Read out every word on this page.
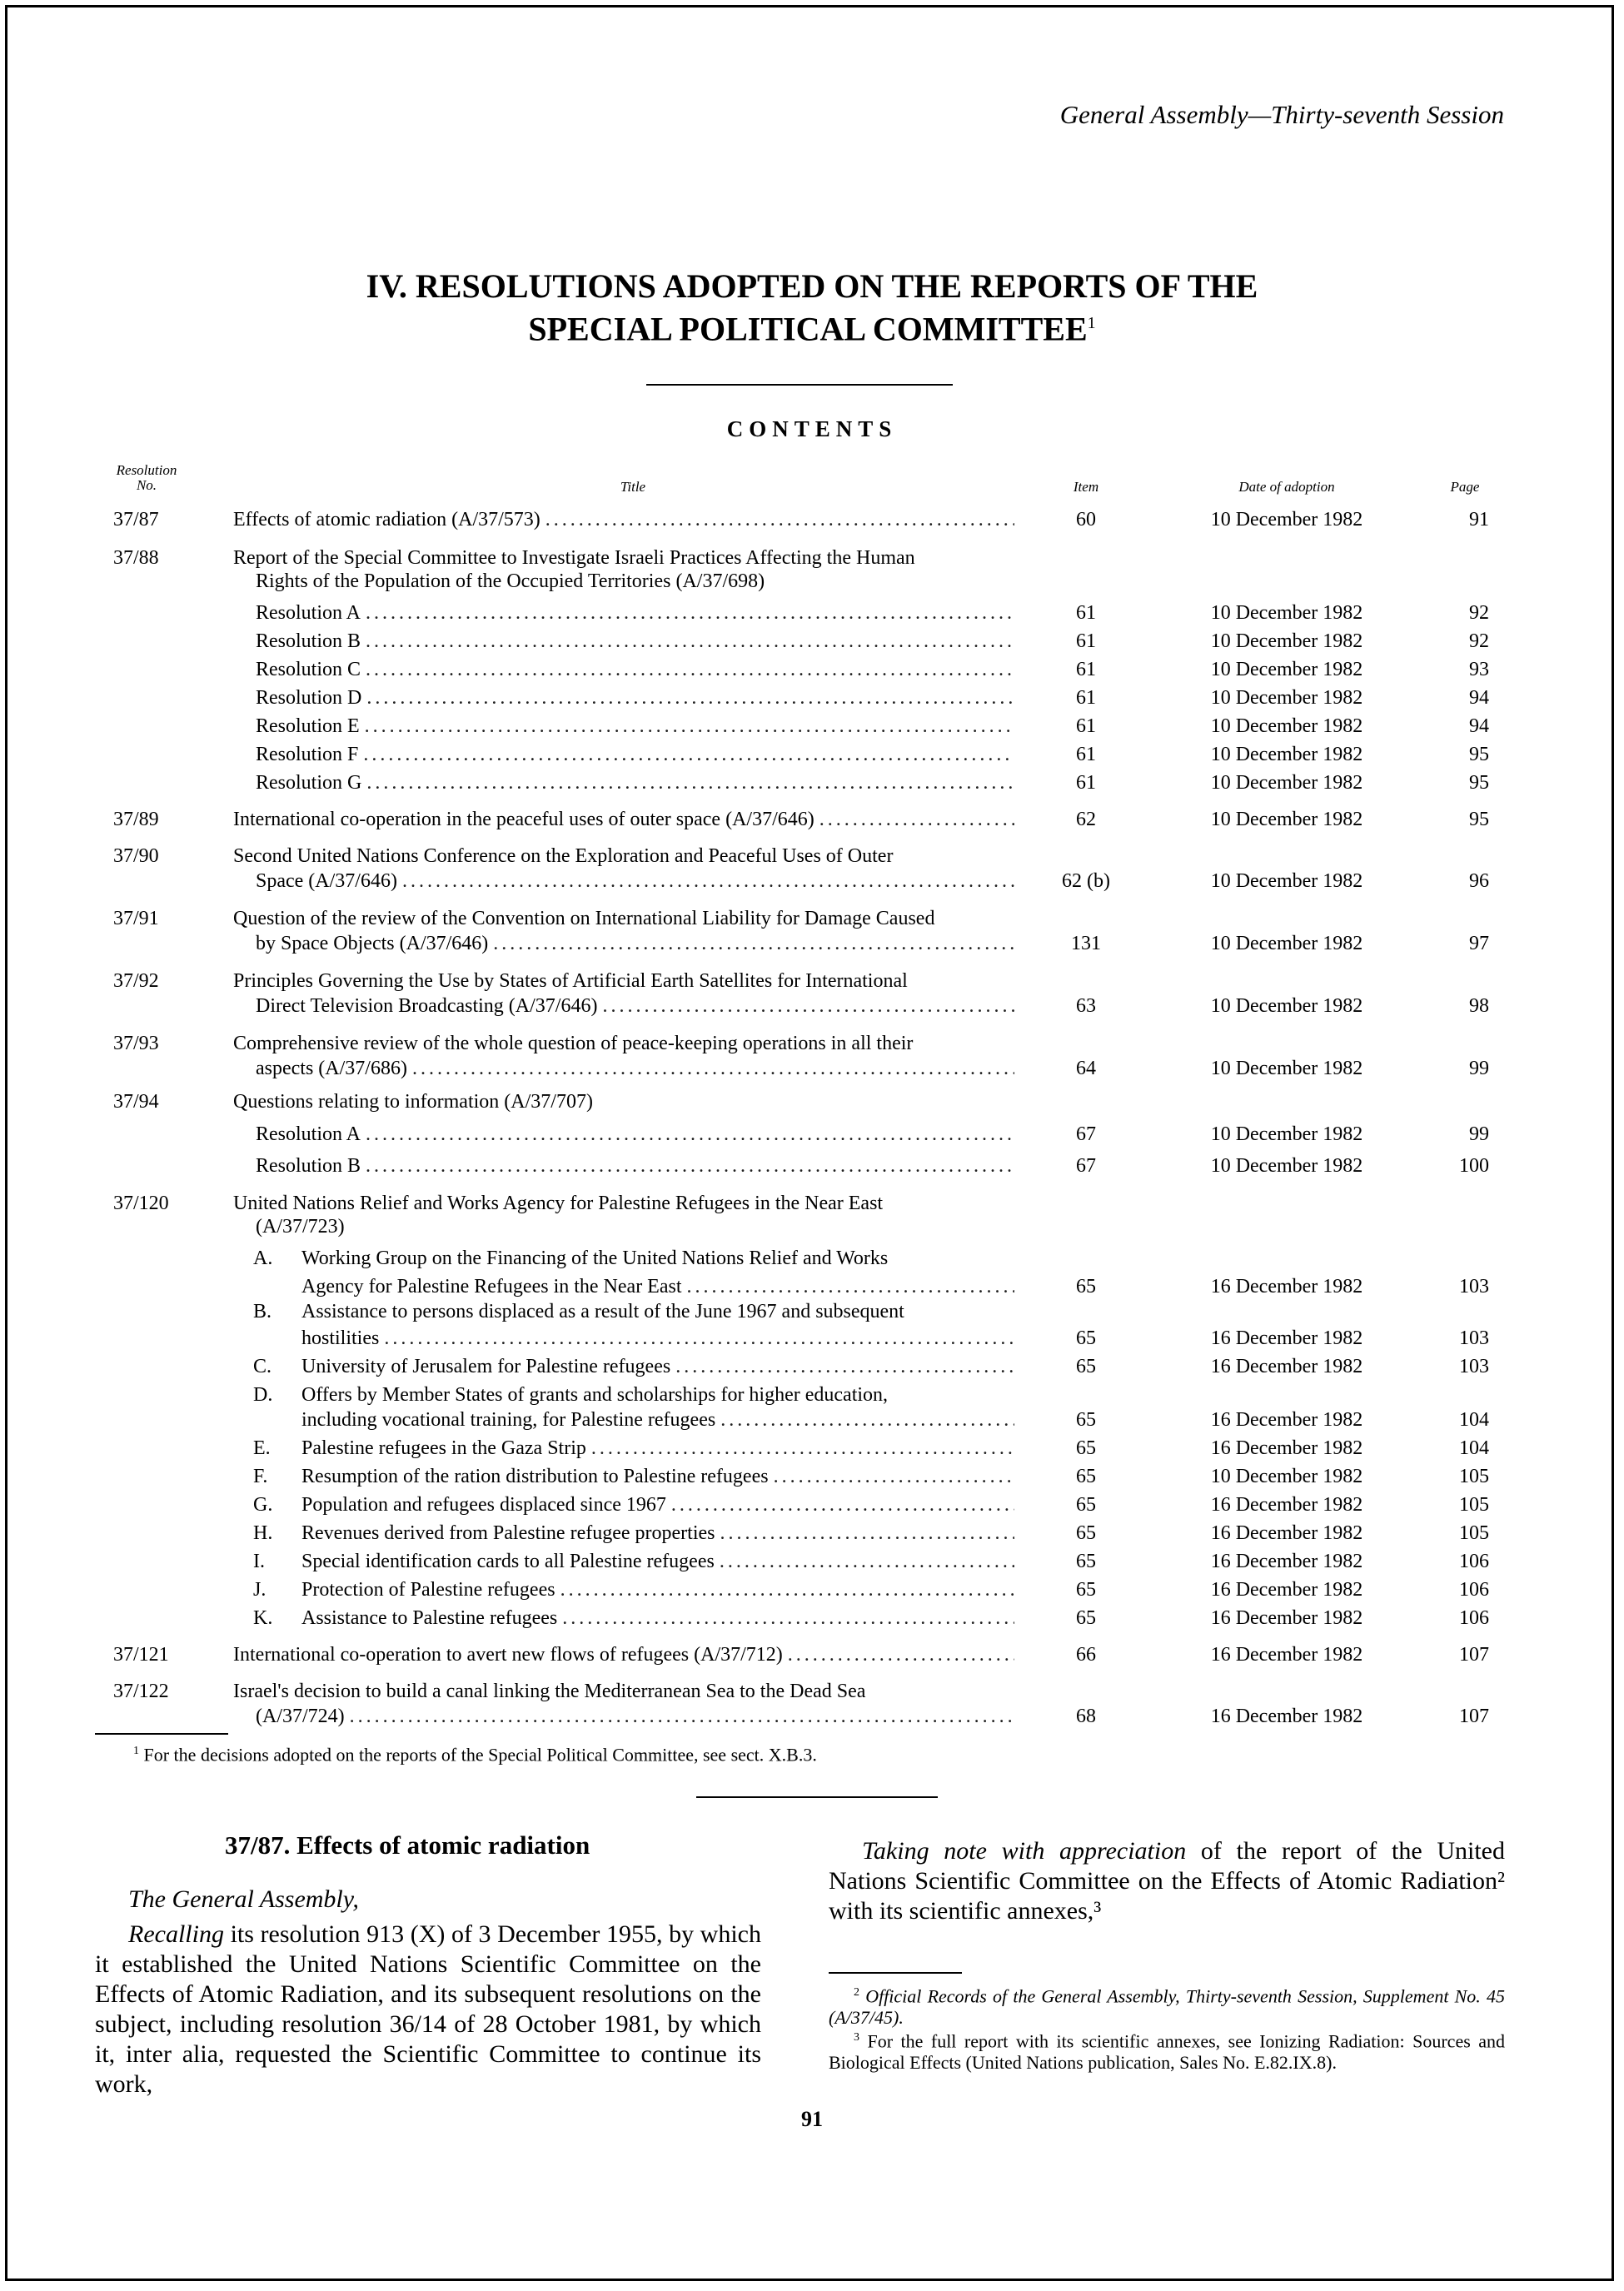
General Assembly—Thirty-seventh Session
IV. RESOLUTIONS ADOPTED ON THE REPORTS OF THE
SPECIAL POLITICAL COMMITTEE$^1$
CONTENTS
Resolution
No.	Title	Item	Date of adoption	Page
37/87	Effects of atomic radiation (A/37/573) .....	60	10 December 1982	91
37/88	Report of the Special Committee to Investigate Israeli Practices Affecting the Human
Rights of the Population of the Occupied Territories (A/37/698)
Resolution A .....	61	10 December 1982	92
Resolution B .....	61	10 December 1982	92
Resolution C .....	61	10 December 1982	93
Resolution D .....	61	10 December 1982	94
Resolution E .....	61	10 December 1982	94
Resolution F .....	61	10 December 1982	95
Resolution G .....	61	10 December 1982	95
37/89	International co-operation in the peaceful uses of outer space (A/37/646) .....	62	10 December 1982	95
37/90	Second United Nations Conference on the Exploration and Peaceful Uses of Outer
Space (A/37/646) .....	62 (b)	10 December 1982	96
37/91	Question of the review of the Convention on International Liability for Damage Caused
by Space Objects (A/37/646) .....	131	10 December 1982	97
37/92	Principles Governing the Use by States of Artificial Earth Satellites for International
Direct Television Broadcasting (A/37/646) .....	63	10 December 1982	98
37/93	Comprehensive review of the whole question of peace-keeping operations in all their
aspects (A/37/686) .....	64	10 December 1982	99
37/94	Questions relating to information (A/37/707)
Resolution A .....	67	10 December 1982	99
Resolution B .....	67	10 December 1982	100
37/120	United Nations Relief and Works Agency for Palestine Refugees in the Near East
(A/37/723)
A.	Working Group on the Financing of the United Nations Relief and Works
Agency for Palestine Refugees in the Near East .....	65	16 December 1982	103
B.	Assistance to persons displaced as a result of the June 1967 and subsequent
hostilities .....	65	16 December 1982	103
C.	University of Jerusalem for Palestine refugees .....	65	16 December 1982	103
D.	Offers by Member States of grants and scholarships for higher education,
including vocational training, for Palestine refugees .....	65	16 December 1982	104
E.	Palestine refugees in the Gaza Strip .....	65	16 December 1982	104
F.	Resumption of the ration distribution to Palestine refugees .....	65	10 December 1982	105
G.	Population and refugees displaced since 1967 .....	65	16 December 1982	105
H.	Revenues derived from Palestine refugee properties .....	65	16 December 1982	105
I.	Special identification cards to all Palestine refugees .....	65	16 December 1982	106
J.	Protection of Palestine refugees .....	65	16 December 1982	106
K.	Assistance to Palestine refugees .....	65	16 December 1982	106
37/121	International co-operation to avert new flows of refugees (A/37/712) .....	66	16 December 1982	107
37/122	Israel's decision to build a canal linking the Mediterranean Sea to the Dead Sea
(A/37/724) .....	68	16 December 1982	107
$^1$ For the decisions adopted on the reports of the Special Political Committee, see sect. X.B.3.
37/87. Effects of atomic radiation
The General Assembly,
Recalling its resolution 913 (X) of 3 December 1955, by which it established the United Nations Scientific Committee on the Effects of Atomic Radiation, and its subsequent resolutions on the subject, including resolution 36/14 of 28 October 1981, by which it, inter alia, requested the Scientific Committee to continue its work,
Taking note with appreciation of the report of the United Nations Scientific Committee on the Effects of Atomic Radiation² with its scientific annexes,³
$^2$ Official Records of the General Assembly, Thirty-seventh Session, Supplement No. 45 (A/37/45).
$^3$ For the full report with its scientific annexes, see Ionizing Radiation: Sources and Biological Effects (United Nations publication, Sales No. E.82.IX.8).
91
